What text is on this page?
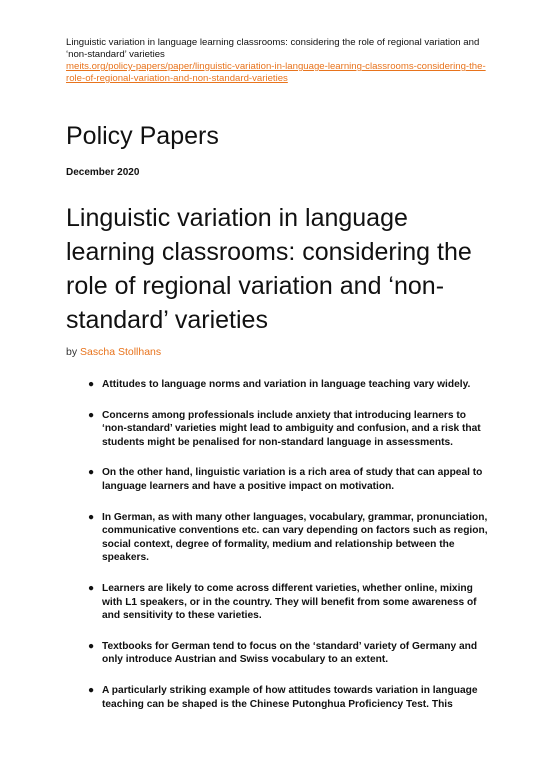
Linguistic variation in language learning classrooms: considering the role of regional variation and ‘non-standard’ varieties
meits.org/policy-papers/paper/linguistic-variation-in-language-learning-classrooms-considering-the-role-of-regional-variation-and-non-standard-varieties
Policy Papers
December 2020
Linguistic variation in language learning classrooms: considering the role of regional variation and ‘non-standard’ varieties
by Sascha Stollhans
● Attitudes to language norms and variation in language teaching vary widely.
● Concerns among professionals include anxiety that introducing learners to ‘non-standard’ varieties might lead to ambiguity and confusion, and a risk that students might be penalised for non-standard language in assessments.
● On the other hand, linguistic variation is a rich area of study that can appeal to language learners and have a positive impact on motivation.
● In German, as with many other languages, vocabulary, grammar, pronunciation, communicative conventions etc. can vary depending on factors such as region, social context, degree of formality, medium and relationship between the speakers.
● Learners are likely to come across different varieties, whether online, mixing with L1 speakers, or in the country. They will benefit from some awareness of and sensitivity to these varieties.
● Textbooks for German tend to focus on the ‘standard’ variety of Germany and only introduce Austrian and Swiss vocabulary to an extent.
● A particularly striking example of how attitudes towards variation in language teaching can be shaped is the Chinese Putonghua Proficiency Test. This
